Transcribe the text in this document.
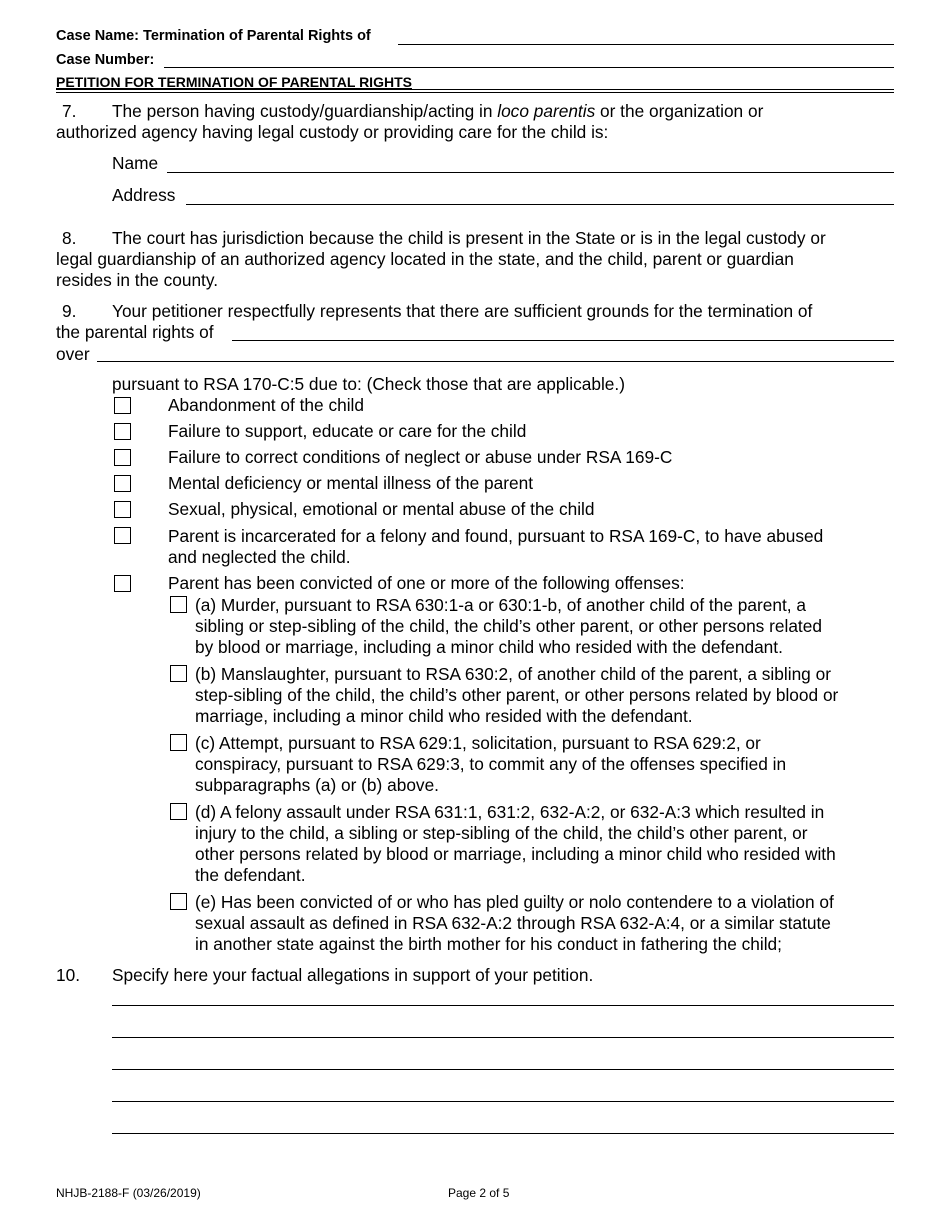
Case Name: Termination of Parental Rights of
Case Number:
PETITION FOR TERMINATION OF PARENTAL RIGHTS
7. The person having custody/guardianship/acting in loco parentis or the organization or
authorized agency having legal custody or providing care for the child is:
Name
Address
8. The court has jurisdiction because the child is present in the State or is in the legal custody or
legal guardianship of an authorized agency located in the state, and the child, parent or guardian
resides in the county.
9. Your petitioner respectfully represents that there are sufficient grounds for the termination of
the parental rights of
over
pursuant to RSA 170-C:5 due to: (Check those that are applicable.)
Abandonment of the child
Failure to support, educate or care for the child
Failure to correct conditions of neglect or abuse under RSA 169-C
Mental deficiency or mental illness of the parent
Sexual, physical, emotional or mental abuse of the child
Parent is incarcerated for a felony and found, pursuant to RSA 169-C, to have abused
and neglected the child.
Parent has been convicted of one or more of the following offenses:
(a) Murder, pursuant to RSA 630:1-a or 630:1-b, of another child of the parent, a
sibling or step-sibling of the child, the child’s other parent, or other persons related
by blood or marriage, including a minor child who resided with the defendant.
(b) Manslaughter, pursuant to RSA 630:2, of another child of the parent, a sibling or
step-sibling of the child, the child’s other parent, or other persons related by blood or
marriage, including a minor child who resided with the defendant.
(c) Attempt, pursuant to RSA 629:1, solicitation, pursuant to RSA 629:2, or
conspiracy, pursuant to RSA 629:3, to commit any of the offenses specified in
subparagraphs (a) or (b) above.
(d) A felony assault under RSA 631:1, 631:2, 632-A:2, or 632-A:3 which resulted in
injury to the child, a sibling or step-sibling of the child, the child’s other parent, or
other persons related by blood or marriage, including a minor child who resided with
the defendant.
(e) Has been convicted of or who has pled guilty or nolo contendere to a violation of
sexual assault as defined in RSA 632-A:2 through RSA 632-A:4, or a similar statute
in another state against the birth mother for his conduct in fathering the child;
10. Specify here your factual allegations in support of your petition.
NHJB-2188-F (03/26/2019)	Page 2 of 5
